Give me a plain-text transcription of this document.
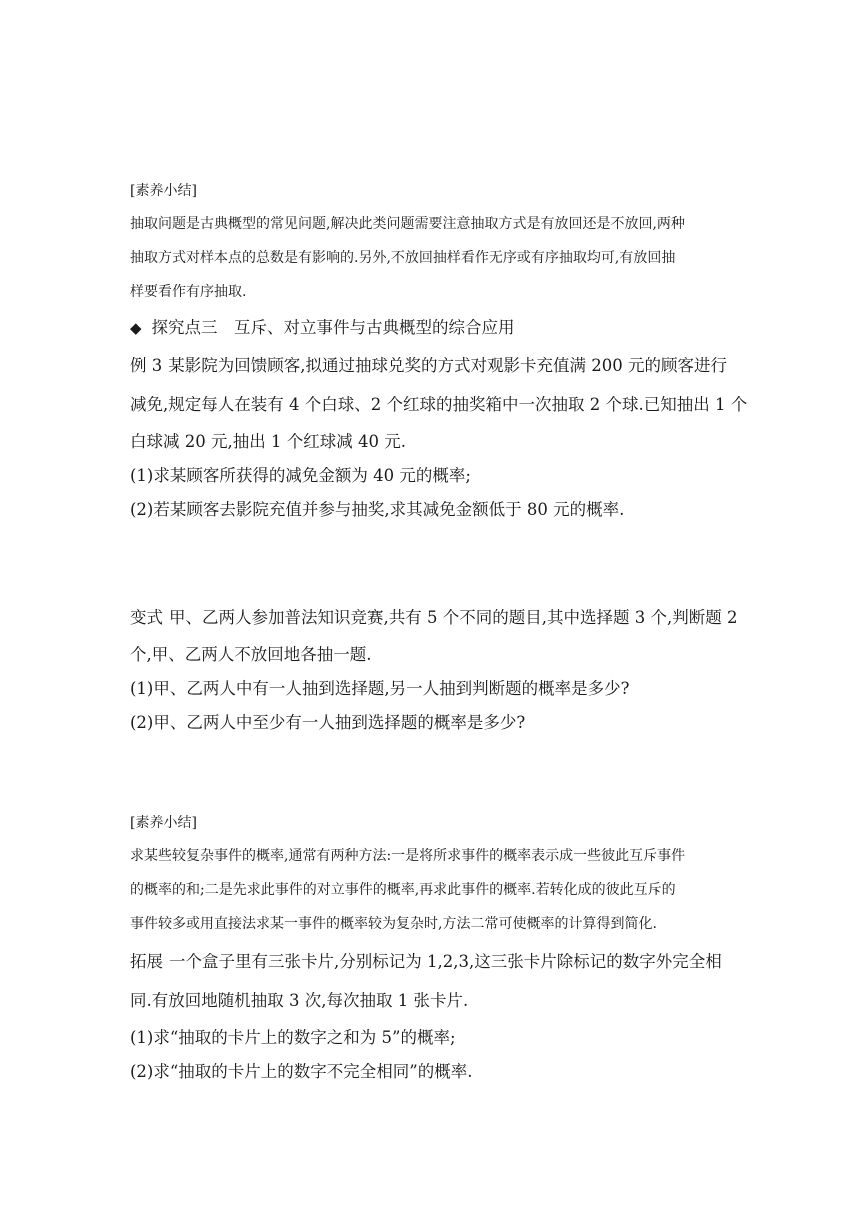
[素养小结]
抽取问题是古典概型的常见问题,解决此类问题需要注意抽取方式是有放回还是不放回,两种
抽取方式对样本点的总数是有影响的.另外,不放回抽样看作无序或有序抽取均可,有放回抽
样要看作有序抽取.
◆ 探究点三　互斥、对立事件与古典概型的综合应用
例 3 某影院为回馈顾客,拟通过抽球兑奖的方式对观影卡充值满 200 元的顾客进行
减免,规定每人在装有 4 个白球、2 个红球的抽奖箱中一次抽取 2 个球.已知抽出 1 个
白球减 20 元,抽出 1 个红球减 40 元.
(1)求某顾客所获得的减免金额为 40 元的概率;
(2)若某顾客去影院充值并参与抽奖,求其减免金额低于 80 元的概率.
变式 甲、乙两人参加普法知识竞赛,共有 5 个不同的题目,其中选择题 3 个,判断题 2
个,甲、乙两人不放回地各抽一题.
(1)甲、乙两人中有一人抽到选择题,另一人抽到判断题的概率是多少?
(2)甲、乙两人中至少有一人抽到选择题的概率是多少?
[素养小结]
求某些较复杂事件的概率,通常有两种方法:一是将所求事件的概率表示成一些彼此互斥事件
的概率的和;二是先求此事件的对立事件的概率,再求此事件的概率.若转化成的彼此互斥的
事件较多或用直接法求某一事件的概率较为复杂时,方法二常可使概率的计算得到简化.
拓展 一个盒子里有三张卡片,分别标记为 1,2,3,这三张卡片除标记的数字外完全相
同.有放回地随机抽取 3 次,每次抽取 1 张卡片.
(1)求“抽取的卡片上的数字之和为 5”的概率;
(2)求“抽取的卡片上的数字不完全相同”的概率.
